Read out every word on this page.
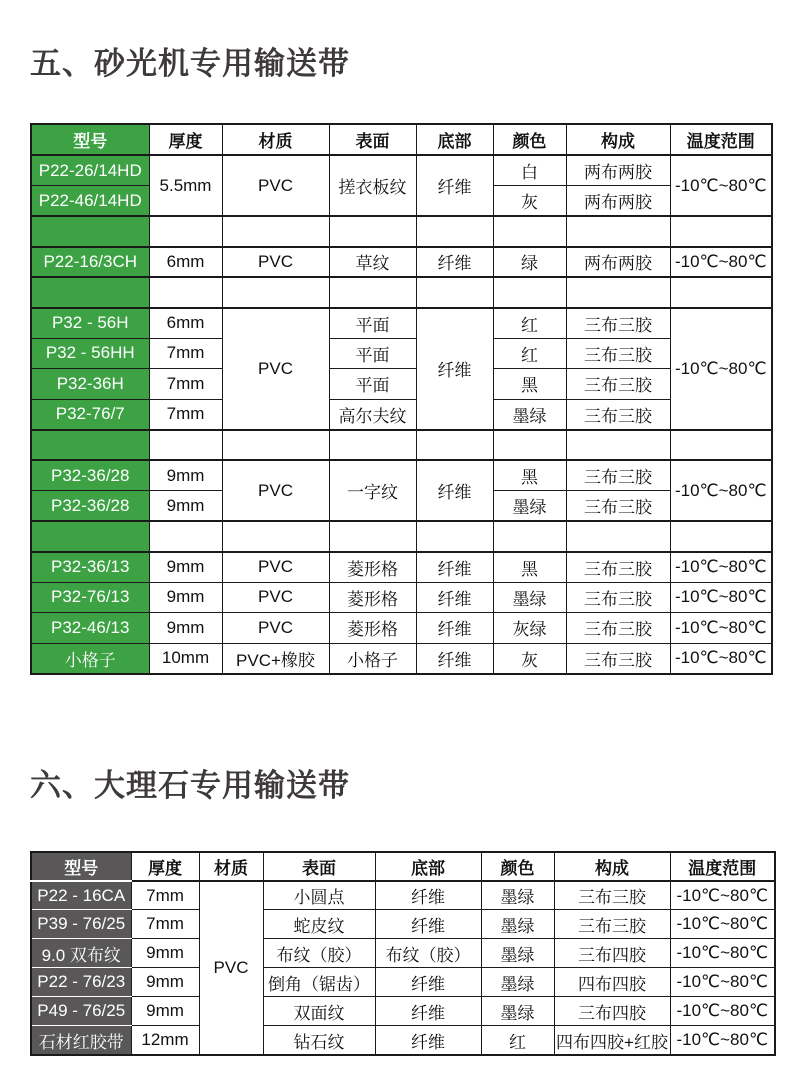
五、砂光机专用输送带
型号	厚度	材质	表面	底部	颜色	构成	温度范围
P22-26/14HD	5.5mm	PVC	搓衣板纹	纤维	白	两布两胶	-10℃~80℃
P22-46/14HD					灰	两布两胶	

P22-16/3CH	6mm	PVC	草纹	纤维	绿	两布两胶	-10℃~80℃

P32 - 56H	6mm	PVC	平面	纤维	红	三布三胶	-10℃~80℃
P32 - 56HH	7mm		平面		红	三布三胶	
P32-36H	7mm		平面		黑	三布三胶	
P32-76/7	7mm		高尔夫纹		墨绿	三布三胶	

P32-36/28	9mm	PVC	一字纹	纤维	黑	三布三胶	-10℃~80℃
P32-36/28	9mm				墨绿	三布三胶	

P32-36/13	9mm	PVC	菱形格	纤维	黑	三布三胶	-10℃~80℃
P32-76/13	9mm	PVC	菱形格	纤维	墨绿	三布三胶	-10℃~80℃
P32-46/13	9mm	PVC	菱形格	纤维	灰绿	三布三胶	-10℃~80℃
小格子	10mm	PVC+橡胶	小格子	纤维	灰	三布三胶	-10℃~80℃
六、大理石专用输送带
型号	厚度	材质	表面	底部	颜色	构成	温度范围
P22 - 16CA	7mm	PVC	小圆点	纤维	墨绿	三布三胶	-10℃~80℃
P39 - 76/25	7mm		蛇皮纹	纤维	墨绿	三布三胶	-10℃~80℃
9.0 双布纹	9mm		布纹（胶）	布纹（胶）	墨绿	三布四胶	-10℃~80℃
P22 - 76/23	9mm		倒角（锯齿）	纤维	墨绿	四布四胶	-10℃~80℃
P49 - 76/25	9mm		双面纹	纤维	墨绿	三布四胶	-10℃~80℃
石材红胶带	12mm		钻石纹	纤维	红	四布四胶+红胶	-10℃~80℃
